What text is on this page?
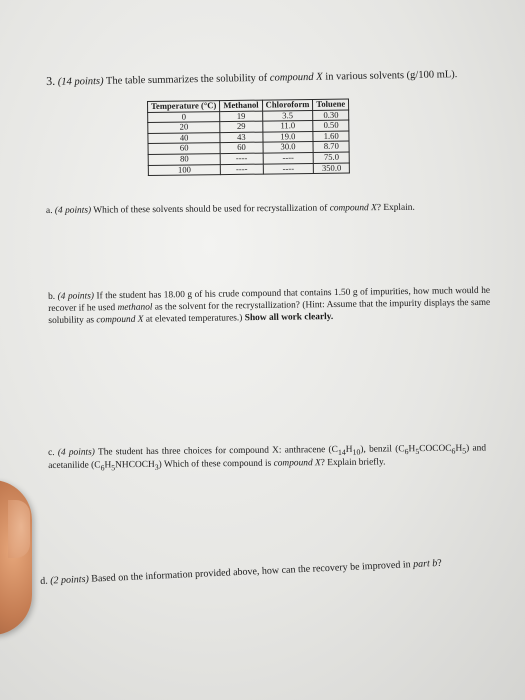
3. (14 points) The table summarizes the solubility of compound X in various solvents (g/100 mL).

Temperature (°C)	Methanol	Chloroform	Toluene
0	19	3.5	0.30
20	29	11.0	0.50
40	43	19.0	1.60
60	60	30.0	8.70
80	----	----	75.0
100	----	----	350.0

a. (4 points) Which of these solvents should be used for recrystallization of compound X? Explain.

b. (4 points) If the student has 18.00 g of his crude compound that contains 1.50 g of impurities, how much would he recover if he used methanol as the solvent for the recrystallization? (Hint: Assume that the impurity displays the same solubility as compound X at elevated temperatures.) Show all work clearly.

c. (4 points) The student has three choices for compound X: anthracene $(C_{14}H_{10})$, benzil $(C_6H_5COCOC_6H_5)$ and acetanilide $(C_6H_5NHCOCH_3)$ Which of these compound is compound X? Explain briefly.

d. (2 points) Based on the information provided above, how can the recovery be improved in part b?
